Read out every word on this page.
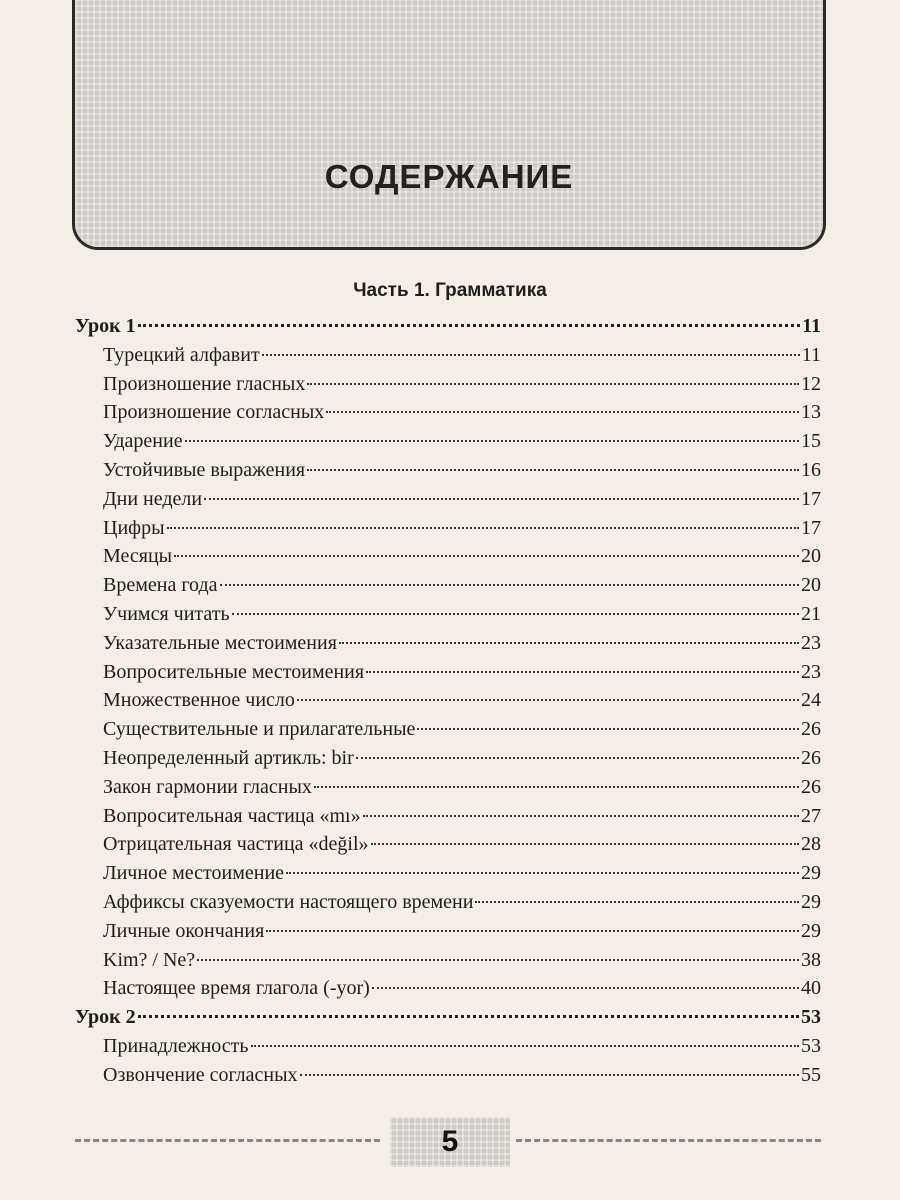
СОДЕРЖАНИЕ
Часть 1. Грамматика
Урок 1	11
Турецкий алфавит	11
Произношение гласных	12
Произношение согласных	13
Ударение	15
Устойчивые выражения	16
Дни недели	17
Цифры	17
Месяцы	20
Времена года	20
Учимся читать	21
Указательные местоимения	23
Вопросительные местоимения	23
Множественное число	24
Существительные и прилагательные	26
Неопределенный артикль: bir	26
Закон гармонии гласных	26
Вопросительная частица «mı»	27
Отрицательная частица «değil»	28
Личное местоимение	29
Аффиксы сказуемости настоящего времени	29
Личные окончания	29
Kim? / Ne?	38
Настоящее время глагола (-yor)	40
Урок 2	53
Принадлежность	53
Озвончение согласных	55
5
